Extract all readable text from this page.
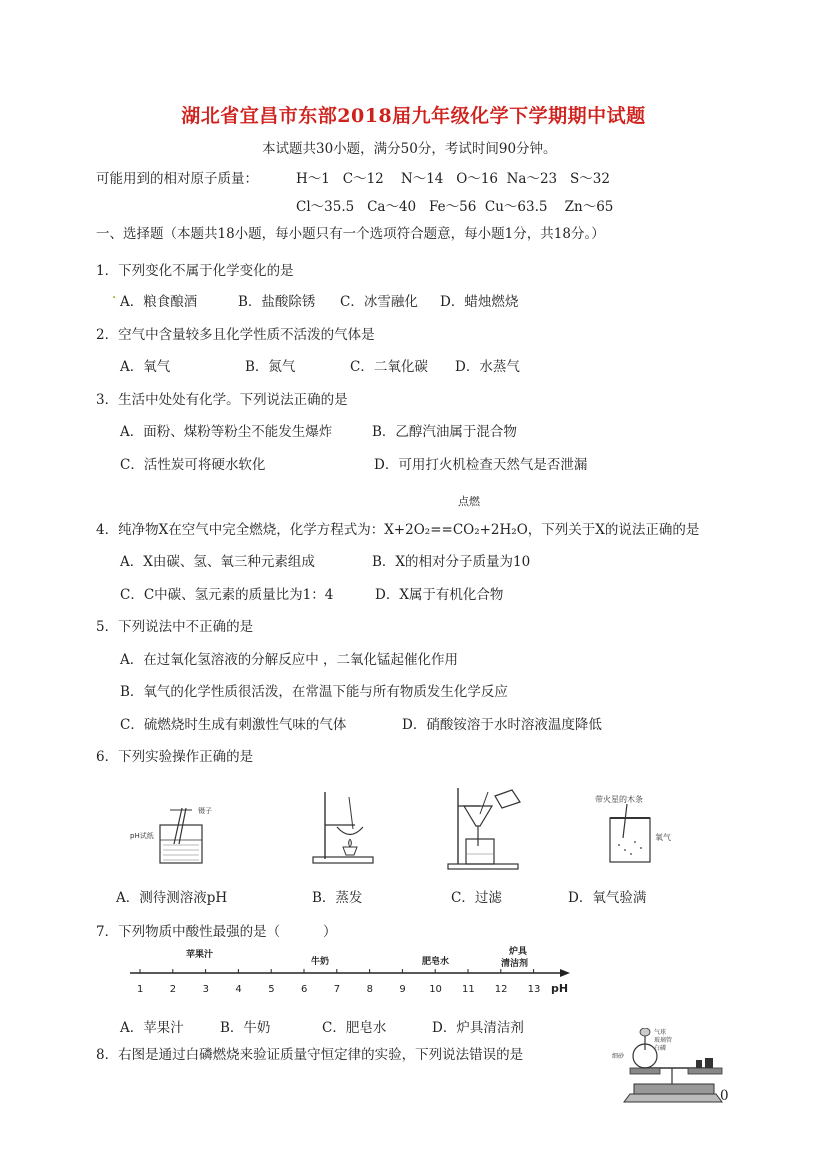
湖北省宜昌市东部2018届九年级化学下学期期中试题
本试题共30小题，满分50分，考试时间90分钟。
可能用到的相对原子质量：	H～1   C～12    N～14   O～16  Na～23   S～32
Cl～35.5   Ca～40   Fe～56  Cu～63.5    Zn～65
一、选择题（本题共18小题，每小题只有一个选项符合题意，每小题1分，共18分。）
1．下列变化不属于化学变化的是
· A．粮食酿酒	B．盐酸除锈 C．冰雪融化 D．蜡烛燃烧
2．空气中含量较多且化学性质不活泼的气体是
A．氧气	B．氮气	C．二氧化碳 D．水蒸气
3．生活中处处有化学。下列说法正确的是
A．面粉、煤粉等粉尘不能发生爆炸	B．乙醇汽油属于混合物
C．活性炭可将硬水软化	D．可用打火机检查天然气是否泄漏
点燃
4．纯净物X在空气中完全燃烧，化学方程式为：X+2O₂==CO₂+2H₂O，下列关于X的说法正确的是
A．X由碳、氢、氧三种元素组成	B．X的相对分子质量为10
C．C中碳、氢元素的质量比为1：4	D．X属于有机化合物
5．下列说法中不正确的是
A．在过氧化氢溶液的分解反应中 ，二氧化锰起催化作用
B．氧气的化学性质很活泼，在常温下能与所有物质发生化学反应
C．硫燃烧时生成有刺激性气味的气体	D．硝酸铵溶于水时溶液温度降低
6．下列实验操作正确的是
镊子
pH试纸
带火星的木条
氧气
A．测待测溶液pH	B．蒸发	C．过滤	D．氧气验满
7．下列物质中酸性最强的是（          ）
苹果汁
牛奶	肥皂水
炉具
清洁剂
1	2	3	4	5	6	7	8	9 10 11 12 13 pH
A．苹果汁	B．牛奶	C．肥皂水	D．炉具清洁剂
8．右图是通过白磷燃烧来验证质量守恒定律的实验，下列说法错误的是
气球
玻璃管
白磷
细砂
0
